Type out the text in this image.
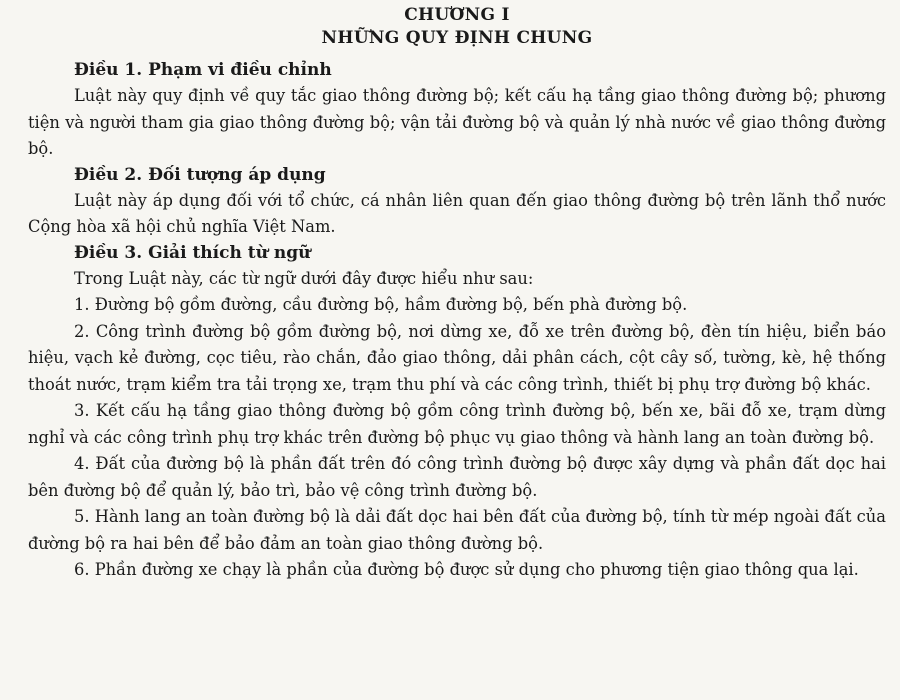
CHƯƠNG I

NHỮNG QUY ĐỊNH CHUNG

Điều 1. Phạm vi điều chỉnh

Luật này quy định về quy tắc giao thông đường bộ; kết cấu hạ tầng giao thông đường bộ; phương tiện và người tham gia giao thông đường bộ; vận tải đường bộ và quản lý nhà nước về giao thông đường bộ.

Điều 2. Đối tượng áp dụng

Luật này áp dụng đối với tổ chức, cá nhân liên quan đến giao thông đường bộ trên lãnh thổ nước Cộng hòa xã hội chủ nghĩa Việt Nam.

Điều 3. Giải thích từ ngữ

Trong Luật này, các từ ngữ dưới đây được hiểu như sau:

1. Đường bộ gồm đường, cầu đường bộ, hầm đường bộ, bến phà đường bộ.

2. Công trình đường bộ gồm đường bộ, nơi dừng xe, đỗ xe trên đường bộ, đèn tín hiệu, biển báo hiệu, vạch kẻ đường, cọc tiêu, rào chắn, đảo giao thông, dải phân cách, cột cây số, tường, kè, hệ thống thoát nước, trạm kiểm tra tải trọng xe, trạm thu phí và các công trình, thiết bị phụ trợ đường bộ khác.

3. Kết cấu hạ tầng giao thông đường bộ gồm công trình đường bộ, bến xe, bãi đỗ xe, trạm dừng nghỉ và các công trình phụ trợ khác trên đường bộ phục vụ giao thông và hành lang an toàn đường bộ.

4. Đất của đường bộ là phần đất trên đó công trình đường bộ được xây dựng và phần đất dọc hai bên đường bộ để quản lý, bảo trì, bảo vệ công trình đường bộ.

5. Hành lang an toàn đường bộ là dải đất dọc hai bên đất của đường bộ, tính từ mép ngoài đất của đường bộ ra hai bên để bảo đảm an toàn giao thông đường bộ.

6. Phần đường xe chạy là phần của đường bộ được sử dụng cho phương tiện giao thông qua lại.
